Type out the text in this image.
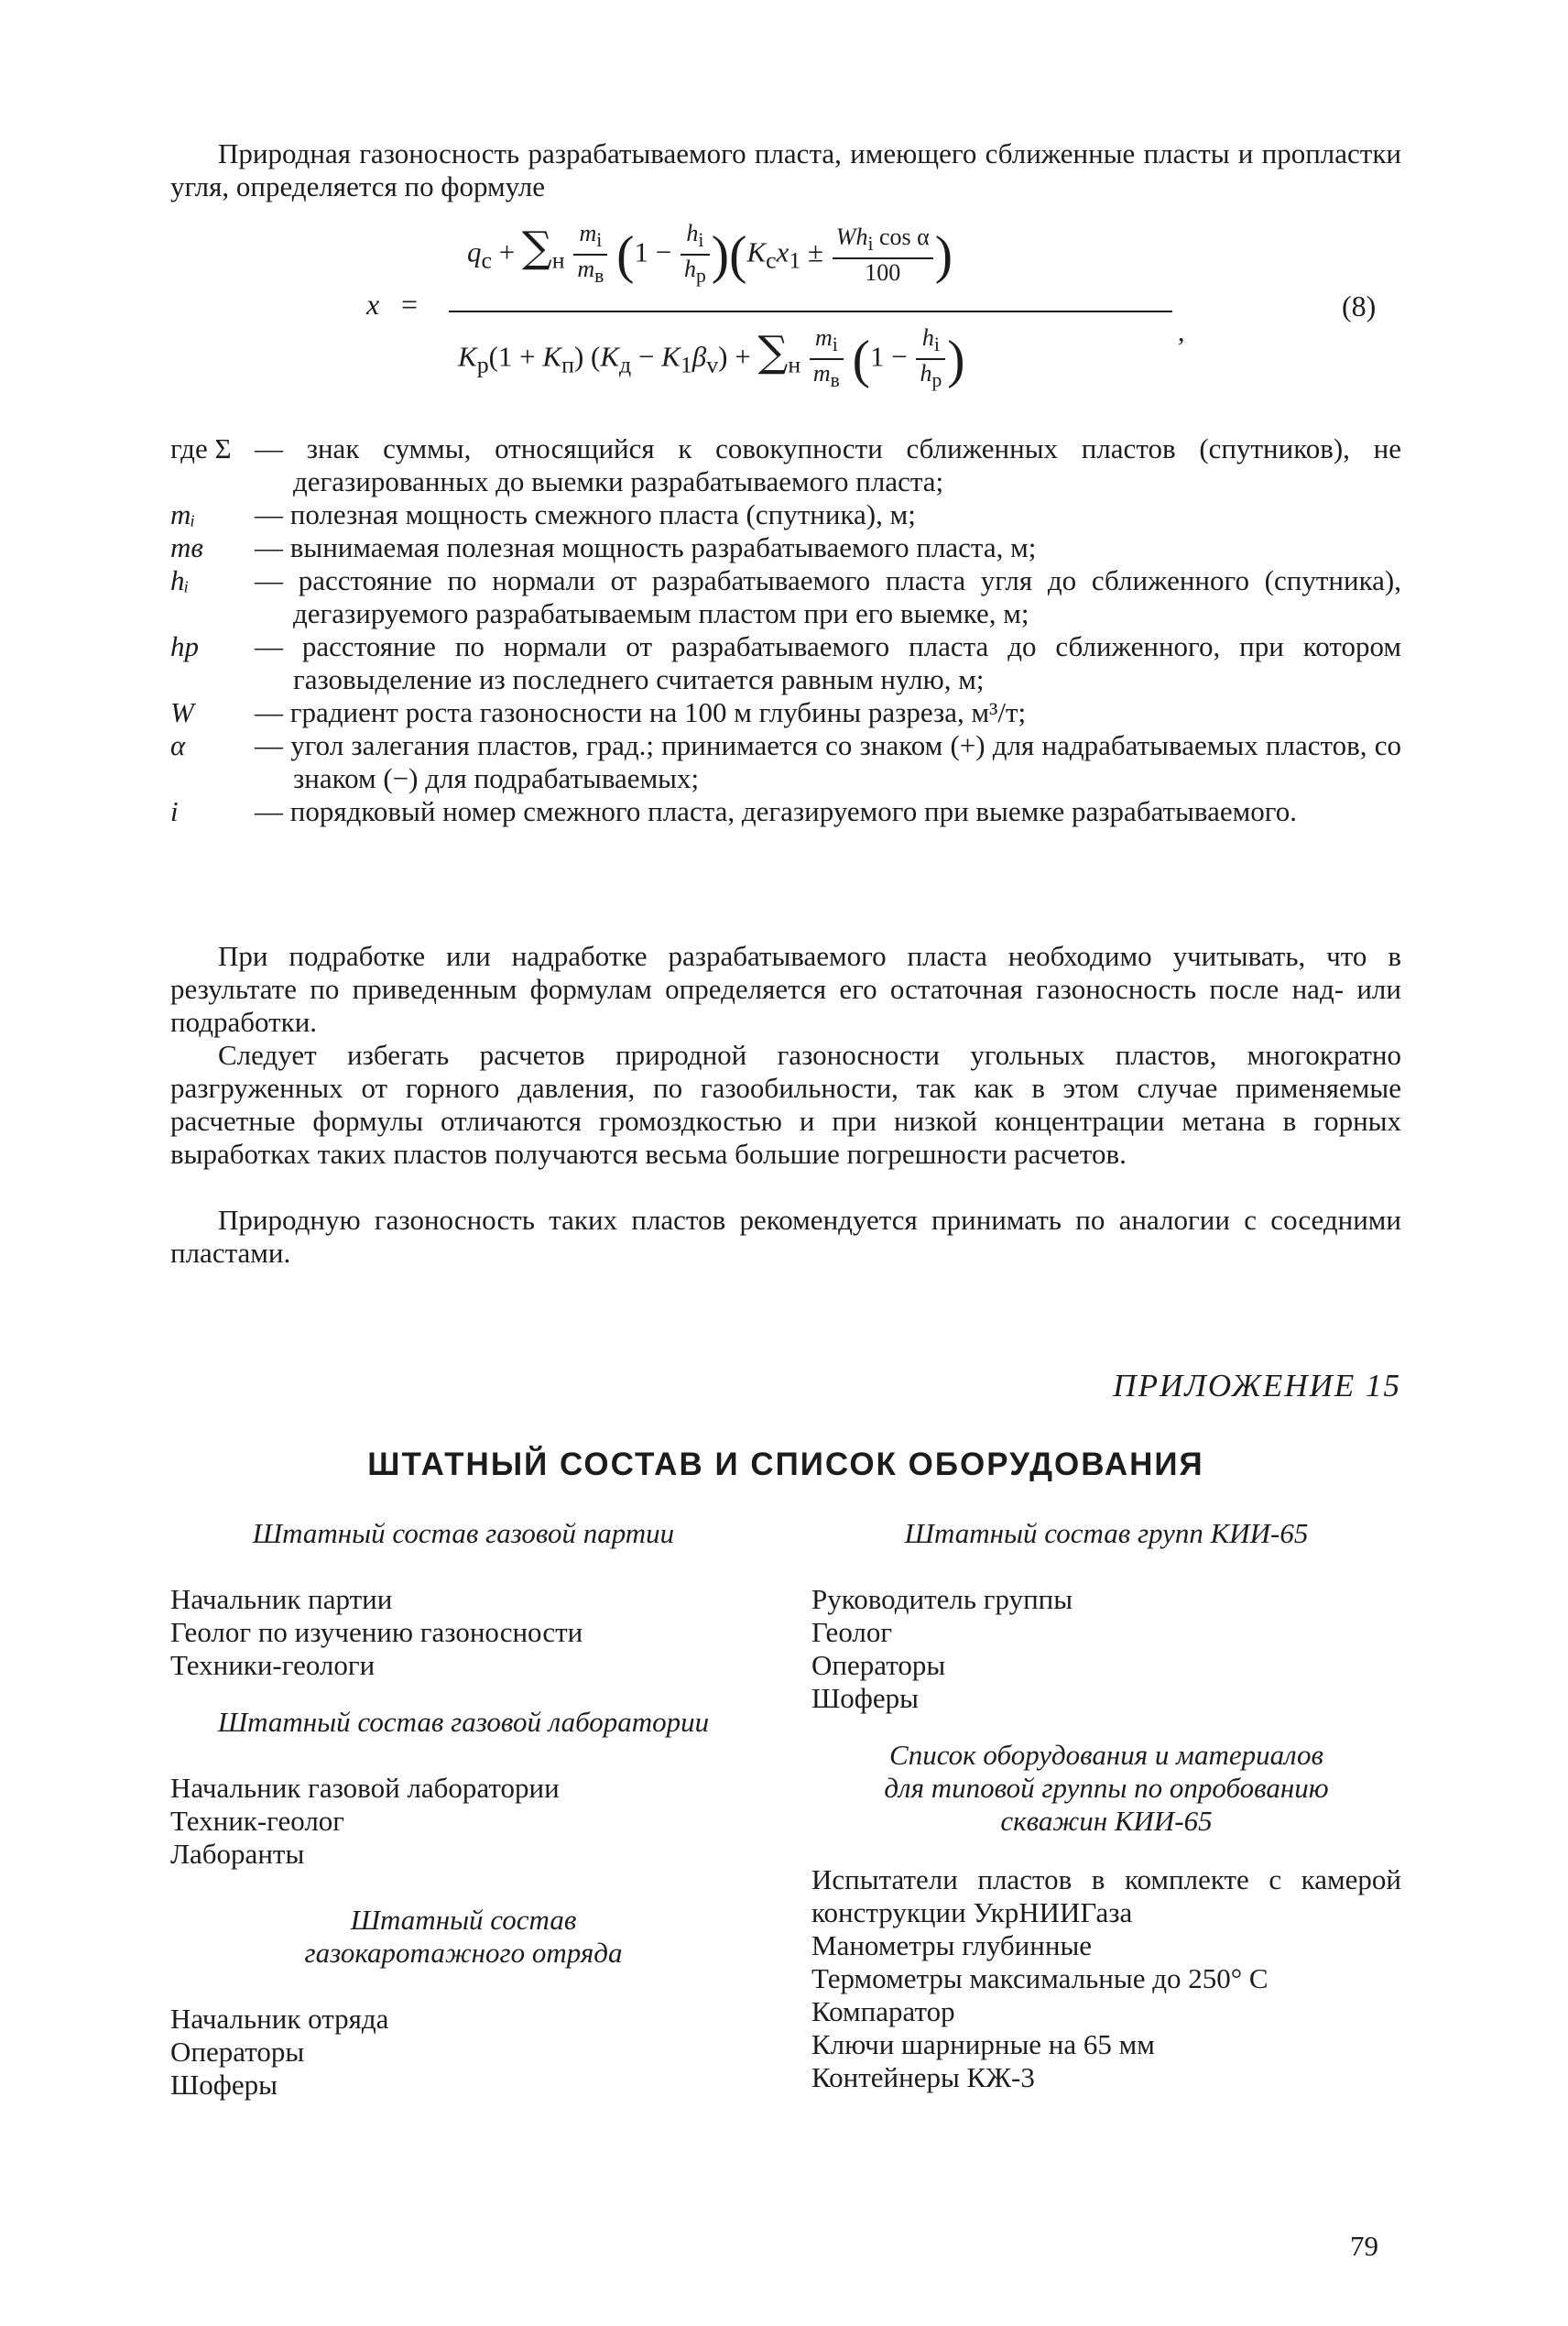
Природная газоносность разрабатываемого пласта, имеющего сближенные пласты и пропластки угля, определяется по формуле
x =
$q_с + \sum_н \frac{m_i}{m_в} (1 - \frac{h_i}{h_р} )(K_сx_1 \pm \frac{Wh_i \cos \alpha}{100}$ )
$K_р(1 + K_п) (K_д - K_1\beta_v) + \sum_н \frac{m_i}{m_в} (1 - \frac{h_i}{h_р}$ )	,
(8)
где Σ — знак суммы, относящийся к совокупности сближенных пластов (спутников), не дегазированных до выемки разрабатываемого пласта;
mᵢ	— полезная мощность смежного пласта (спутника), м;
mв	— вынимаемая полезная мощность разрабатываемого пласта, м;
hᵢ	— расстояние по нормали от разрабатываемого пласта угля до сближенного (спутника), дегазируемого разрабатываемым пластом при его выемке, м;
hр	— расстояние по нормали от разрабатываемого пласта до сближенного, при котором газовыделение из последнего считается равным нулю, м;
W	— градиент роста газоносности на 100 м глубины разреза, м³/т;
α	— угол залегания пластов, град.; принимается со знаком (+) для надрабатываемых пластов, со знаком (−) для подрабатываемых;
i	— порядковый номер смежного пласта, дегазируемого при выемке разрабатываемого.
При подработке или надработке разрабатываемого пласта необходимо учитывать, что в результате по приведенным формулам определяется его остаточная газоносность после над- или подработки.
Следует избегать расчетов природной газоносности угольных пластов, многократно разгруженных от горного давления, по газообильности, так как в этом случае применяемые расчетные формулы отличаются громоздкостью и при низкой концентрации метана в горных выработках таких пластов получаются весьма большие погрешности расчетов.
Природную газоносность таких пластов рекомендуется принимать по аналогии с соседними пластами.
ПРИЛОЖЕНИЕ 15
ШТАТНЫЙ СОСТАВ И СПИСОК ОБОРУДОВАНИЯ
Штатный состав газовой партии
Начальник партии
Геолог по изучению газоносности
Техники-геологи
Штатный состав газовой лаборатории
Начальник газовой лаборатории
Техник-геолог
Лаборанты
Штатный состав
газокаротажного отряда
Начальник отряда
Операторы
Шоферы
Штатный состав групп КИИ-65
Руководитель группы
Геолог
Операторы
Шоферы
Список оборудования и материалов
для типовой группы по опробованию
скважин КИИ-65
Испытатели пластов в комплекте с камерой конструкции УкрНИИГаза
Манометры глубинные
Термометры максимальные до 250° С
Компаратор
Ключи шарнирные на 65 мм
Контейнеры КЖ-3
79
